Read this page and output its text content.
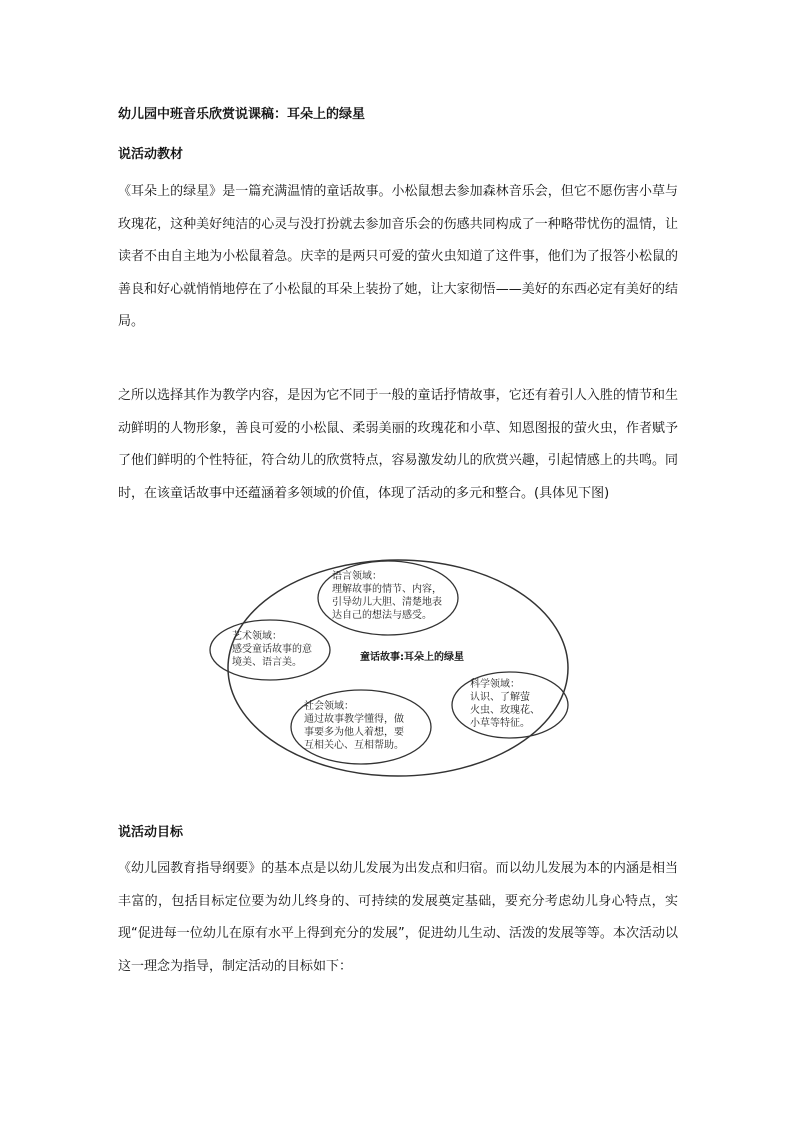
幼儿园中班音乐欣赏说课稿：耳朵上的绿星
说活动教材

《耳朵上的绿星》是一篇充满温情的童话故事。小松鼠想去参加森林音乐会，但它不愿伤害小草与玫瑰花，这种美好纯洁的心灵与没打扮就去参加音乐会的伤感共同构成了一种略带忧伤的温情，让读者不由自主地为小松鼠着急。庆幸的是两只可爱的萤火虫知道了这件事，他们为了报答小松鼠的善良和好心就悄悄地停在了小松鼠的耳朵上装扮了她，让大家彻悟——美好的东西必定有美好的结局。

之所以选择其作为教学内容，是因为它不同于一般的童话抒情故事，它还有着引人入胜的情节和生动鲜明的人物形象，善良可爱的小松鼠、柔弱美丽的玫瑰花和小草、知恩图报的萤火虫，作者赋予了他们鲜明的个性特征，符合幼儿的欣赏特点，容易激发幼儿的欣赏兴趣，引起情感上的共鸣。同时，在该童话故事中还蕴涵着多领域的价值，体现了活动的多元和整合。(具体见下图)

语言领域：
理解故事的情节、内容，
引导幼儿大胆、清楚地表
达自己的想法与感受。

艺术领域：
感受童话故事的意
境美、语言美。

科学领域：
认识、了解萤
火虫、玫瑰花、
小草等特征。

社会领域：
通过故事教学懂得，做
事要多为他人着想，要
互相关心、互相帮助。

童话故事:耳朵上的绿星

说活动目标

《幼儿园教育指导纲要》的基本点是以幼儿发展为出发点和归宿。而以幼儿发展为本的内涵是相当丰富的，包括目标定位要为幼儿终身的、可持续的发展奠定基础，要充分考虑幼儿身心特点，实现“促进每一位幼儿在原有水平上得到充分的发展”，促进幼儿生动、活泼的发展等等。本次活动以这一理念为指导，制定活动的目标如下：
